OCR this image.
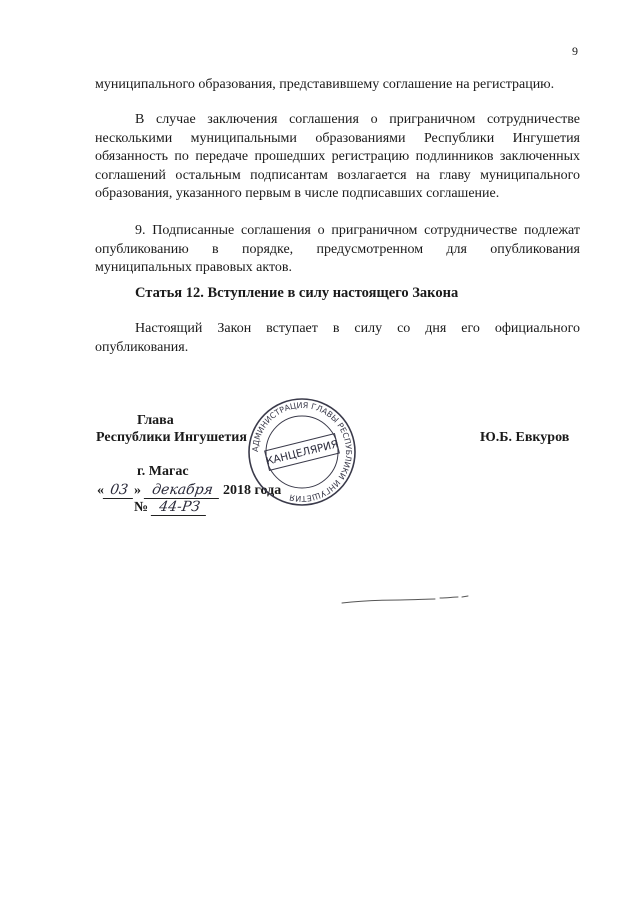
9
муниципального образования, представившему соглашение на регистрацию.
В случае заключения соглашения о приграничном сотрудничестве несколькими муниципальными образованиями Республики Ингушетия обязанность по передаче прошедших регистрацию подлинников заключенных соглашений остальным подписантам возлагается на главу муниципального образования, указанного первым в числе подписавших соглашение.
9. Подписанные соглашения о приграничном сотрудничестве подлежат опубликованию в порядке, предусмотренном для опубликования муниципальных правовых актов.
Статья 12. Вступление в силу настоящего Закона
Настоящий Закон вступает в силу со дня его официального опубликования.
Глава
Республики Ингушетия	Ю.Б. Евкуров
г. Магас
« 03 » декабря 2018 года
№ 44-РЗ
АДМИНИСТРАЦИЯ ГЛАВЫ РЕСПУБЛИКИ ИНГУШЕТИЯ
КАНЦЕЛЯРИЯ
